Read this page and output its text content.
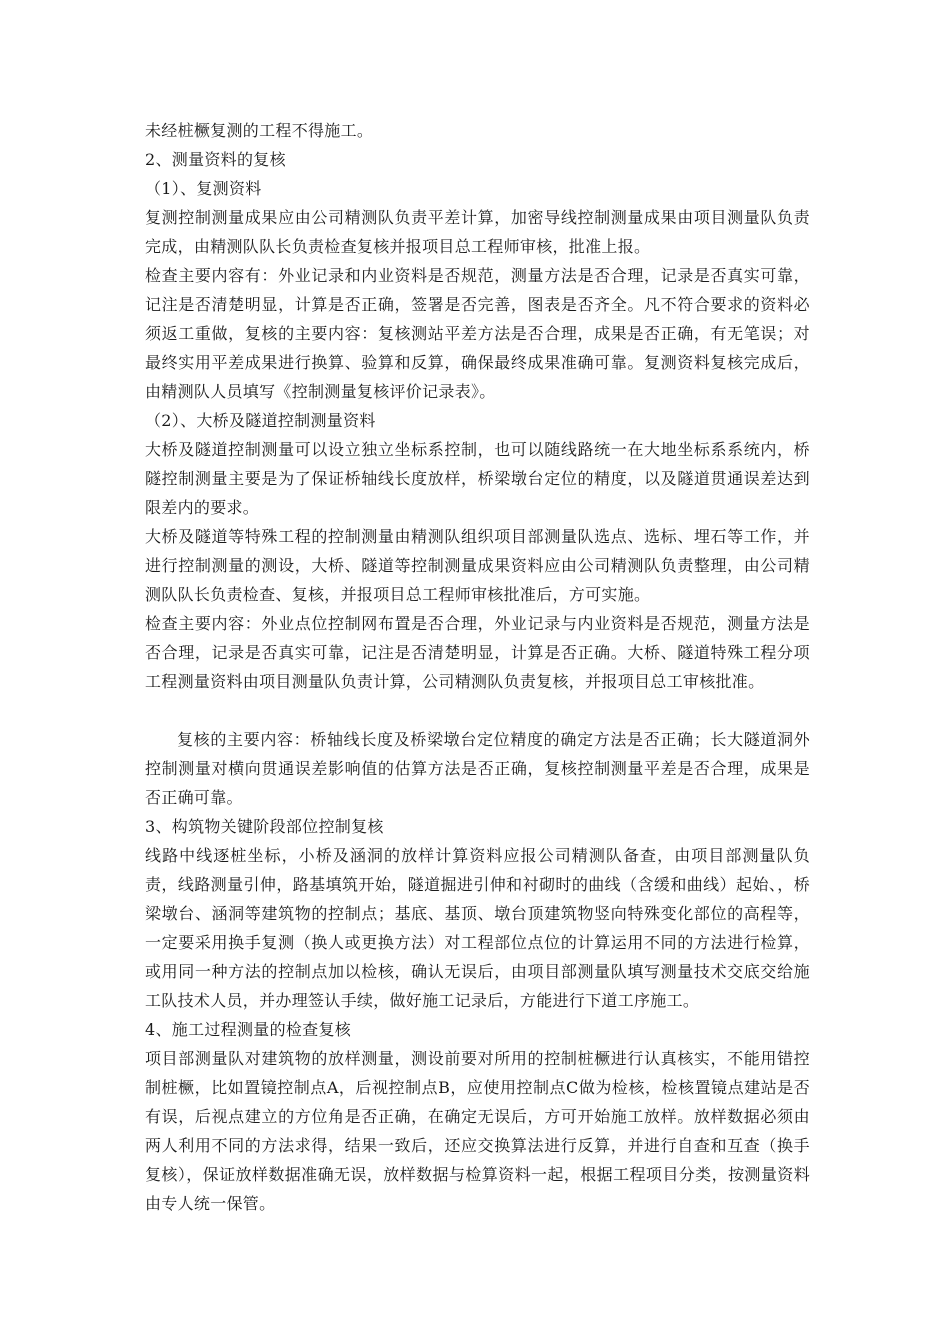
未经桩橛复测的工程不得施工。

2、测量资料的复核

（1）、复测资料

复测控制测量成果应由公司精测队负责平差计算，加密导线控制测量成果由项目测量队负责完成，由精测队队长负责检查复核并报项目总工程师审核，批准上报。

检查主要内容有：外业记录和内业资料是否规范，测量方法是否合理，记录是否真实可靠，记注是否清楚明显，计算是否正确，签署是否完善，图表是否齐全。凡不符合要求的资料必须返工重做，复核的主要内容：复核测站平差方法是否合理，成果是否正确，有无笔误；对最终实用平差成果进行换算、验算和反算，确保最终成果准确可靠。复测资料复核完成后，由精测队人员填写《控制测量复核评价记录表》。

（2）、大桥及隧道控制测量资料

大桥及隧道控制测量可以设立独立坐标系控制，也可以随线路统一在大地坐标系系统内，桥隧控制测量主要是为了保证桥轴线长度放样，桥梁墩台定位的精度，以及隧道贯通误差达到限差内的要求。

大桥及隧道等特殊工程的控制测量由精测队组织项目部测量队选点、选标、埋石等工作，并进行控制测量的测设，大桥、隧道等控制测量成果资料应由公司精测队负责整理，由公司精测队队长负责检查、复核，并报项目总工程师审核批准后，方可实施。

检查主要内容：外业点位控制网布置是否合理，外业记录与内业资料是否规范，测量方法是否合理，记录是否真实可靠，记注是否清楚明显，计算是否正确。大桥、隧道特殊工程分项工程测量资料由项目测量队负责计算，公司精测队负责复核，并报项目总工审核批准。

复核的主要内容：桥轴线长度及桥梁墩台定位精度的确定方法是否正确；长大隧道洞外控制测量对横向贯通误差影响值的估算方法是否正确，复核控制测量平差是否合理，成果是否正确可靠。

3、构筑物关键阶段部位控制复核

线路中线逐桩坐标，小桥及涵洞的放样计算资料应报公司精测队备查，由项目部测量队负责，线路测量引伸，路基填筑开始，隧道掘进引伸和衬砌时的曲线（含缓和曲线）起始、，桥梁墩台、涵洞等建筑物的控制点；基底、基顶、墩台顶建筑物竖向特殊变化部位的高程等，一定要采用换手复测（换人或更换方法）对工程部位点位的计算运用不同的方法进行检算，或用同一种方法的控制点加以检核，确认无误后，由项目部测量队填写测量技术交底交给施工队技术人员，并办理签认手续，做好施工记录后，方能进行下道工序施工。

4、施工过程测量的检查复核

项目部测量队对建筑物的放样测量，测设前要对所用的控制桩橛进行认真核实，不能用错控制桩橛，比如置镜控制点A，后视控制点B，应使用控制点C做为检核，检核置镜点建站是否有误，后视点建立的方位角是否正确，在确定无误后，方可开始施工放样。放样数据必须由两人利用不同的方法求得，结果一致后，还应交换算法进行反算，并进行自查和互查（换手复核），保证放样数据准确无误，放样数据与检算资料一起，根据工程项目分类，按测量资料由专人统一保管。
